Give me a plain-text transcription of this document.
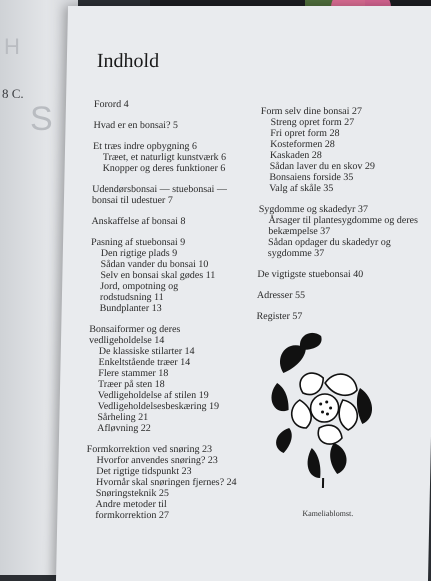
H
S
8 C.
Indhold

Forord 4

Hvad er en bonsai? 5

Et træs indre opbygning 6

Træet, et naturligt kunstværk 6

Knopper og deres funktioner 6

Udendørsbonsai — stuebonsai —

bonsai til udestuer 7

Anskaffelse af bonsai 8

Pasning af stuebonsai 9

Den rigtige plads 9

Sådan vander du bonsai 10

Selv en bonsai skal gødes 11

Jord, ompotning og

rodstudsning 11

Bundplanter 13

Bonsaiformer og deres

vedligeholdelse 14

De klassiske stilarter 14

Enkeltstående træer 14

Flere stammer 18

Træer på sten 18

Vedligeholdelse af stilen 19

Vedligeholdelsesbeskæring 19

Sårheling 21

Afløvning 22

Formkorrektion ved snøring 23

Hvorfor anvendes snøring? 23

Det rigtige tidspunkt 23

Hvornår skal snøringen fjernes? 24

Snøringsteknik 25

Andre metoder til

formkorrektion 27

Form selv dine bonsai 27

Streng opret form 27

Fri opret form 28

Kosteformen 28

Kaskaden 28

Sådan laver du en skov 29

Bonsaiens forside 35

Valg af skåle 35

Sygdomme og skadedyr 37

Årsager til plantesygdomme og deres

bekæmpelse 37

Sådan opdager du skadedyr og

sygdomme 37

De vigtigste stuebonsai 40

Adresser 55

Register 57

Kameliablomst.
